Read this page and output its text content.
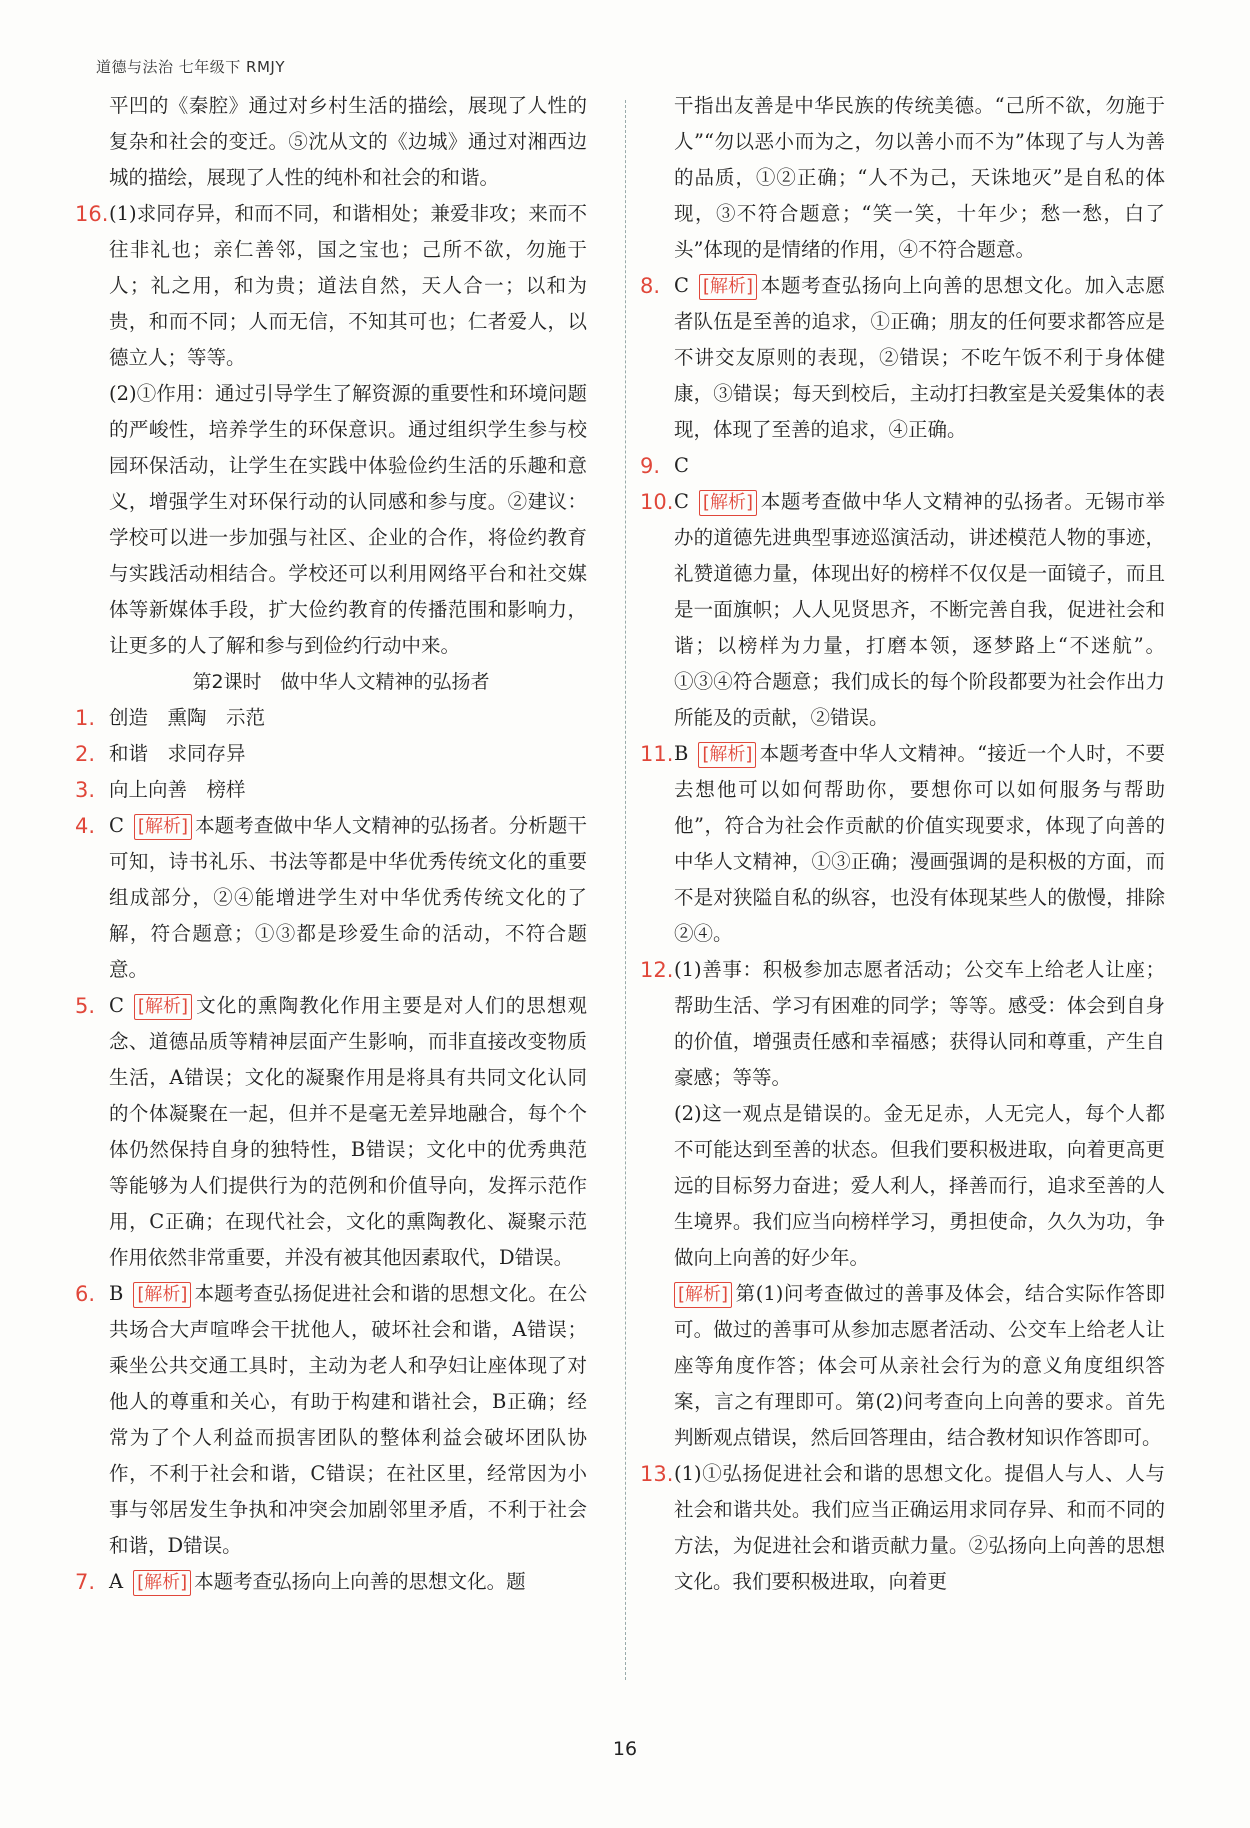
道德与法治 七年级下 RMJY
平凹的《秦腔》通过对乡村生活的描绘，展现了人性的复杂和社会的变迁。⑤沈从文的《边城》通过对湘西边城的描绘，展现了人性的纯朴和社会的和谐。
16. (1)求同存异，和而不同，和谐相处；兼爱非攻；来而不往非礼也；亲仁善邻，国之宝也；己所不欲，勿施于人；礼之用，和为贵；道法自然，天人合一；以和为贵，和而不同；人而无信，不知其可也；仁者爱人，以德立人；等等。
(2)①作用：通过引导学生了解资源的重要性和环境问题的严峻性，培养学生的环保意识。通过组织学生参与校园环保活动，让学生在实践中体验俭约生活的乐趣和意义，增强学生对环保行动的认同感和参与度。②建议：学校可以进一步加强与社区、企业的合作，将俭约教育与实践活动相结合。学校还可以利用网络平台和社交媒体等新媒体手段，扩大俭约教育的传播范围和影响力，让更多的人了解和参与到俭约行动中来。
第2课时　做中华人文精神的弘扬者
1. 创造　熏陶　示范
2. 和谐　求同存异
3. 向上向善　榜样
4. C [解析] 本题考查做中华人文精神的弘扬者。分析题干可知，诗书礼乐、书法等都是中华优秀传统文化的重要组成部分，②④能增进学生对中华优秀传统文化的了解，符合题意；①③都是珍爱生命的活动，不符合题意。
5. C [解析] 文化的熏陶教化作用主要是对人们的思想观念、道德品质等精神层面产生影响，而非直接改变物质生活，A错误；文化的凝聚作用是将具有共同文化认同的个体凝聚在一起，但并不是毫无差异地融合，每个个体仍然保持自身的独特性，B错误；文化中的优秀典范等能够为人们提供行为的范例和价值导向，发挥示范作用，C正确；在现代社会，文化的熏陶教化、凝聚示范作用依然非常重要，并没有被其他因素取代，D错误。
6. B [解析] 本题考查弘扬促进社会和谐的思想文化。在公共场合大声喧哗会干扰他人，破坏社会和谐，A错误；乘坐公共交通工具时，主动为老人和孕妇让座体现了对他人的尊重和关心，有助于构建和谐社会，B正确；经常为了个人利益而损害团队的整体利益会破坏团队协作，不利于社会和谐，C错误；在社区里，经常因为小事与邻居发生争执和冲突会加剧邻里矛盾，不利于社会和谐，D错误。
7. A [解析] 本题考查弘扬向上向善的思想文化。题
干指出友善是中华民族的传统美德。“己所不欲，勿施于人”“勿以恶小而为之，勿以善小而不为”体现了与人为善的品质，①②正确；“人不为己，天诛地灭”是自私的体现，③不符合题意；“笑一笑，十年少；愁一愁，白了头”体现的是情绪的作用，④不符合题意。
8. C [解析] 本题考查弘扬向上向善的思想文化。加入志愿者队伍是至善的追求，①正确；朋友的任何要求都答应是不讲交友原则的表现，②错误；不吃午饭不利于身体健康，③错误；每天到校后，主动打扫教室是关爱集体的表现，体现了至善的追求，④正确。
9. C
10. C [解析] 本题考查做中华人文精神的弘扬者。无锡市举办的道德先进典型事迹巡演活动，讲述模范人物的事迹，礼赞道德力量，体现出好的榜样不仅仅是一面镜子，而且是一面旗帜；人人见贤思齐，不断完善自我，促进社会和谐；以榜样为力量，打磨本领，逐梦路上“不迷航”。①③④符合题意；我们成长的每个阶段都要为社会作出力所能及的贡献，②错误。
11. B [解析] 本题考查中华人文精神。“接近一个人时，不要去想他可以如何帮助你，要想你可以如何服务与帮助他”，符合为社会作贡献的价值实现要求，体现了向善的中华人文精神，①③正确；漫画强调的是积极的方面，而不是对狭隘自私的纵容，也没有体现某些人的傲慢，排除②④。
12. (1)善事：积极参加志愿者活动；公交车上给老人让座；帮助生活、学习有困难的同学；等等。感受：体会到自身的价值，增强责任感和幸福感；获得认同和尊重，产生自豪感；等等。
(2)这一观点是错误的。金无足赤，人无完人，每个人都不可能达到至善的状态。但我们要积极进取，向着更高更远的目标努力奋进；爱人利人，择善而行，追求至善的人生境界。我们应当向榜样学习，勇担使命，久久为功，争做向上向善的好少年。
[解析] 第(1)问考查做过的善事及体会，结合实际作答即可。做过的善事可从参加志愿者活动、公交车上给老人让座等角度作答；体会可从亲社会行为的意义角度组织答案，言之有理即可。第(2)问考查向上向善的要求。首先判断观点错误，然后回答理由，结合教材知识作答即可。
13. (1)①弘扬促进社会和谐的思想文化。提倡人与人、人与社会和谐共处。我们应当正确运用求同存异、和而不同的方法，为促进社会和谐贡献力量。②弘扬向上向善的思想文化。我们要积极进取，向着更
16
